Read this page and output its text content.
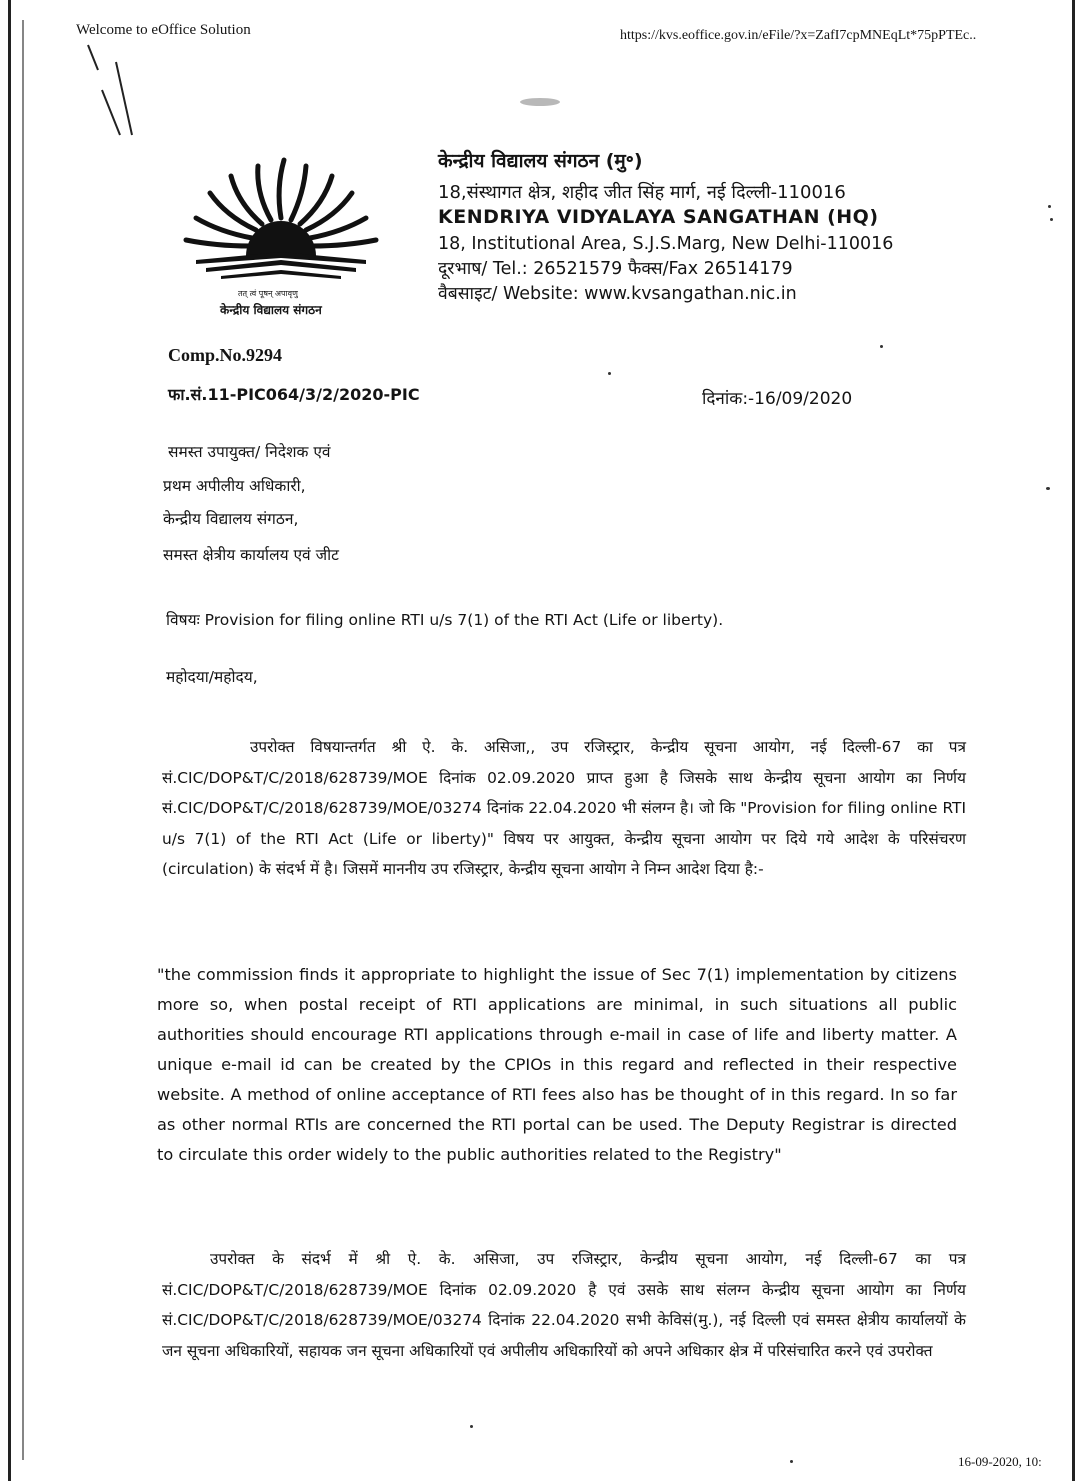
Welcome to eOffice Solution	https://kvs.eoffice.gov.in/eFile/?x=ZafI7cpMNEqLt*75pPTEc..
तत् त्वं पूषन् अपावृणु
केन्द्रीय विद्यालय संगठन
केन्द्रीय विद्यालय संगठन (मु॰)
18,संस्थागत क्षेत्र, शहीद जीत सिंह मार्ग, नई दिल्ली-110016
KENDRIYA VIDYALAYA SANGATHAN (HQ)
18, Institutional Area, S.J.S.Marg, New Delhi-110016
दूरभाष/ Tel.: 26521579 फैक्स/Fax 26514179
वैबसाइट/ Website: www.kvsangathan.nic.in
Comp.No.9294
फा.सं.11-PIC064/3/2/2020-PIC	दिनांक:-16/09/2020
समस्त उपायुक्त/ निदेशक एवं
प्रथम अपीलीय अधिकारी,
केन्द्रीय विद्यालय संगठन,
समस्त क्षेत्रीय कार्यालय एवं जीट
विषयः Provision for filing online RTI u/s 7(1) of the RTI Act (Life or liberty).
महोदया/महोदय,
उपरोक्त विषयान्तर्गत श्री ऐ. के. असिजा,, उप रजिस्ट्रार, केन्द्रीय सूचना आयोग, नई दिल्ली-67 का पत्र सं.CIC/DOP&T/C/2018/628739/MOE दिनांक 02.09.2020 प्राप्त हुआ है जिसके साथ केन्द्रीय सूचना आयोग का निर्णय सं.CIC/DOP&T/C/2018/628739/MOE/03274 दिनांक 22.04.2020 भी संलग्न है। जो कि "Provision for filing online RTI u/s 7(1) of the RTI Act (Life or liberty)" विषय पर आयुक्त, केन्द्रीय सूचना आयोग पर दिये गये आदेश के परिसंचरण (circulation) के संदर्भ में है। जिसमें माननीय उप रजिस्ट्रार, केन्द्रीय सूचना आयोग ने निम्न आदेश दिया है:-
"the commission finds it appropriate to highlight the issue of Sec 7(1) implementation by citizens more so, when postal receipt of RTI applications are minimal, in such situations all public authorities should encourage RTI applications through e-mail in case of life and liberty matter. A unique e-mail id can be created by the CPIOs in this regard and reflected in their respective website. A method of online acceptance of RTI fees also has be thought of in this regard. In so far as other normal RTIs are concerned the RTI portal can be used. The Deputy Registrar is directed to circulate this order widely to the public authorities related to the Registry"
उपरोक्त के संदर्भ में श्री ऐ. के. असिजा, उप रजिस्ट्रार, केन्द्रीय सूचना आयोग, नई दिल्ली-67 का पत्र सं.CIC/DOP&T/C/2018/628739/MOE दिनांक 02.09.2020 है एवं उसके साथ संलग्न केन्द्रीय सूचना आयोग का निर्णय सं.CIC/DOP&T/C/2018/628739/MOE/03274 दिनांक 22.04.2020 सभी केविसं(मु.), नई दिल्ली एवं समस्त क्षेत्रीय कार्यालयों के जन सूचना अधिकारियों, सहायक जन सूचना अधिकारियों एवं अपीलीय अधिकारियों को अपने अधिकार क्षेत्र में परिसंचारित करने एवं उपरोक्त
16-09-2020, 10:
